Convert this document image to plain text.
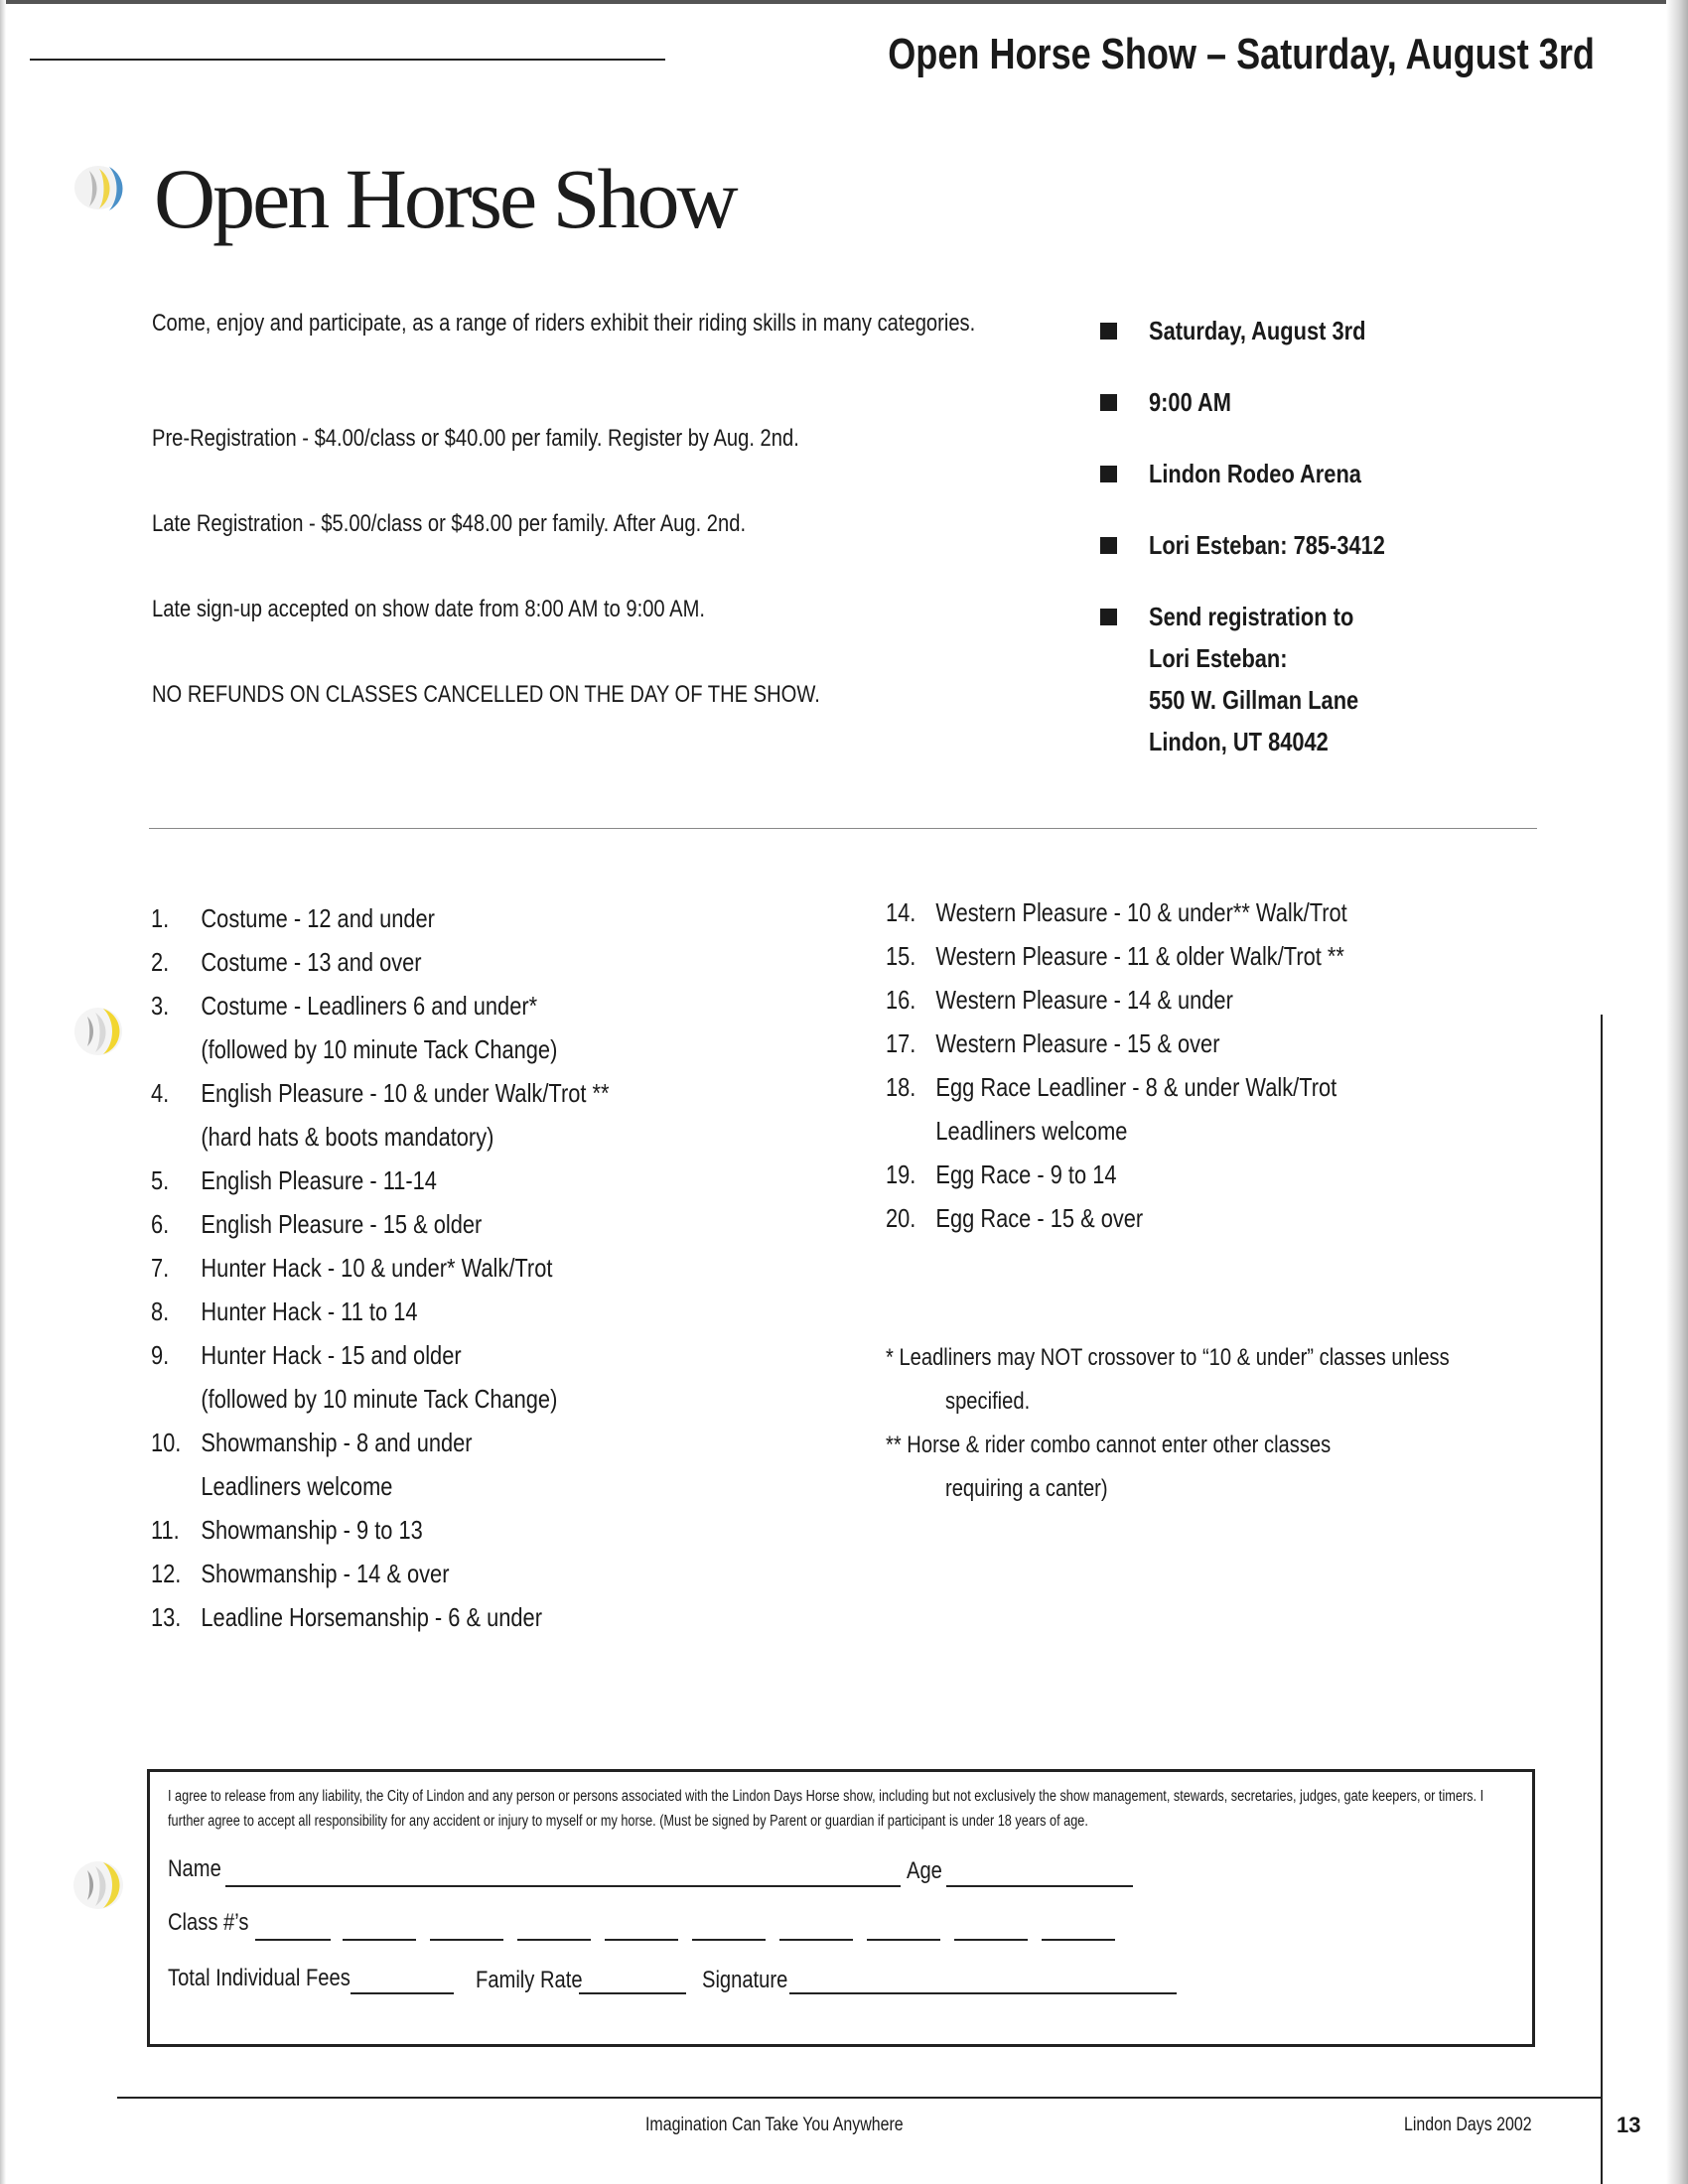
Open Horse Show – Saturday, August 3rd
Open Horse Show
Come, enjoy and participate, as a range of riders exhibit their riding skills in many categories.
Pre-Registration - $4.00/class or $40.00 per family. Register by Aug. 2nd.
Late Registration - $5.00/class or $48.00 per family. After Aug. 2nd.
Late sign-up accepted on show date from 8:00 AM to 9:00 AM.
NO REFUNDS ON CLASSES CANCELLED ON THE DAY OF THE SHOW.
Saturday, August 3rd
9:00 AM
Lindon Rodeo Arena
Lori Esteban: 785-3412
Send registration to
Lori Esteban:
550 W. Gillman Lane
Lindon, UT 84042
1.	Costume - 12 and under
2.	Costume - 13 and over
3.	Costume - Leadliners 6 and under*
(followed by 10 minute Tack Change)
4.	English Pleasure - 10 & under Walk/Trot **
(hard hats & boots mandatory)
5.	English Pleasure - 11-14
6.	English Pleasure - 15 & older
7.	Hunter Hack - 10 & under* Walk/Trot
8.	Hunter Hack - 11 to 14
9.	Hunter Hack - 15 and older
(followed by 10 minute Tack Change)
10. Showmanship - 8 and under
Leadliners welcome
11. Showmanship - 9 to 13
12. Showmanship - 14 & over
13. Leadline Horsemanship - 6 & under
14. Western Pleasure - 10 & under** Walk/Trot
15. Western Pleasure - 11 & older Walk/Trot **
16. Western Pleasure - 14 & under
17. Western Pleasure - 15 & over
18. Egg Race Leadliner - 8 & under Walk/Trot
Leadliners welcome
19. Egg Race - 9 to 14
20. Egg Race - 15 & over
* Leadliners may NOT crossover to “10 & under” classes unless
specified.
** Horse & rider combo cannot enter other classes
requiring a canter)
I agree to release from any liability, the City of Lindon and any person or persons associated with the Lindon Days Horse show, including but not exclusively the show management, stewards, secretaries, judges, gate keepers, or timers. I further agree to accept all responsibility for any accident or injury to myself or my horse. (Must be signed by Parent or guardian if participant is under 18 years of age.
Name	Age
Class #’s
Total Individual Fees	Family Rate	Signature
Imagination Can Take You Anywhere	Lindon Days 2002	13
